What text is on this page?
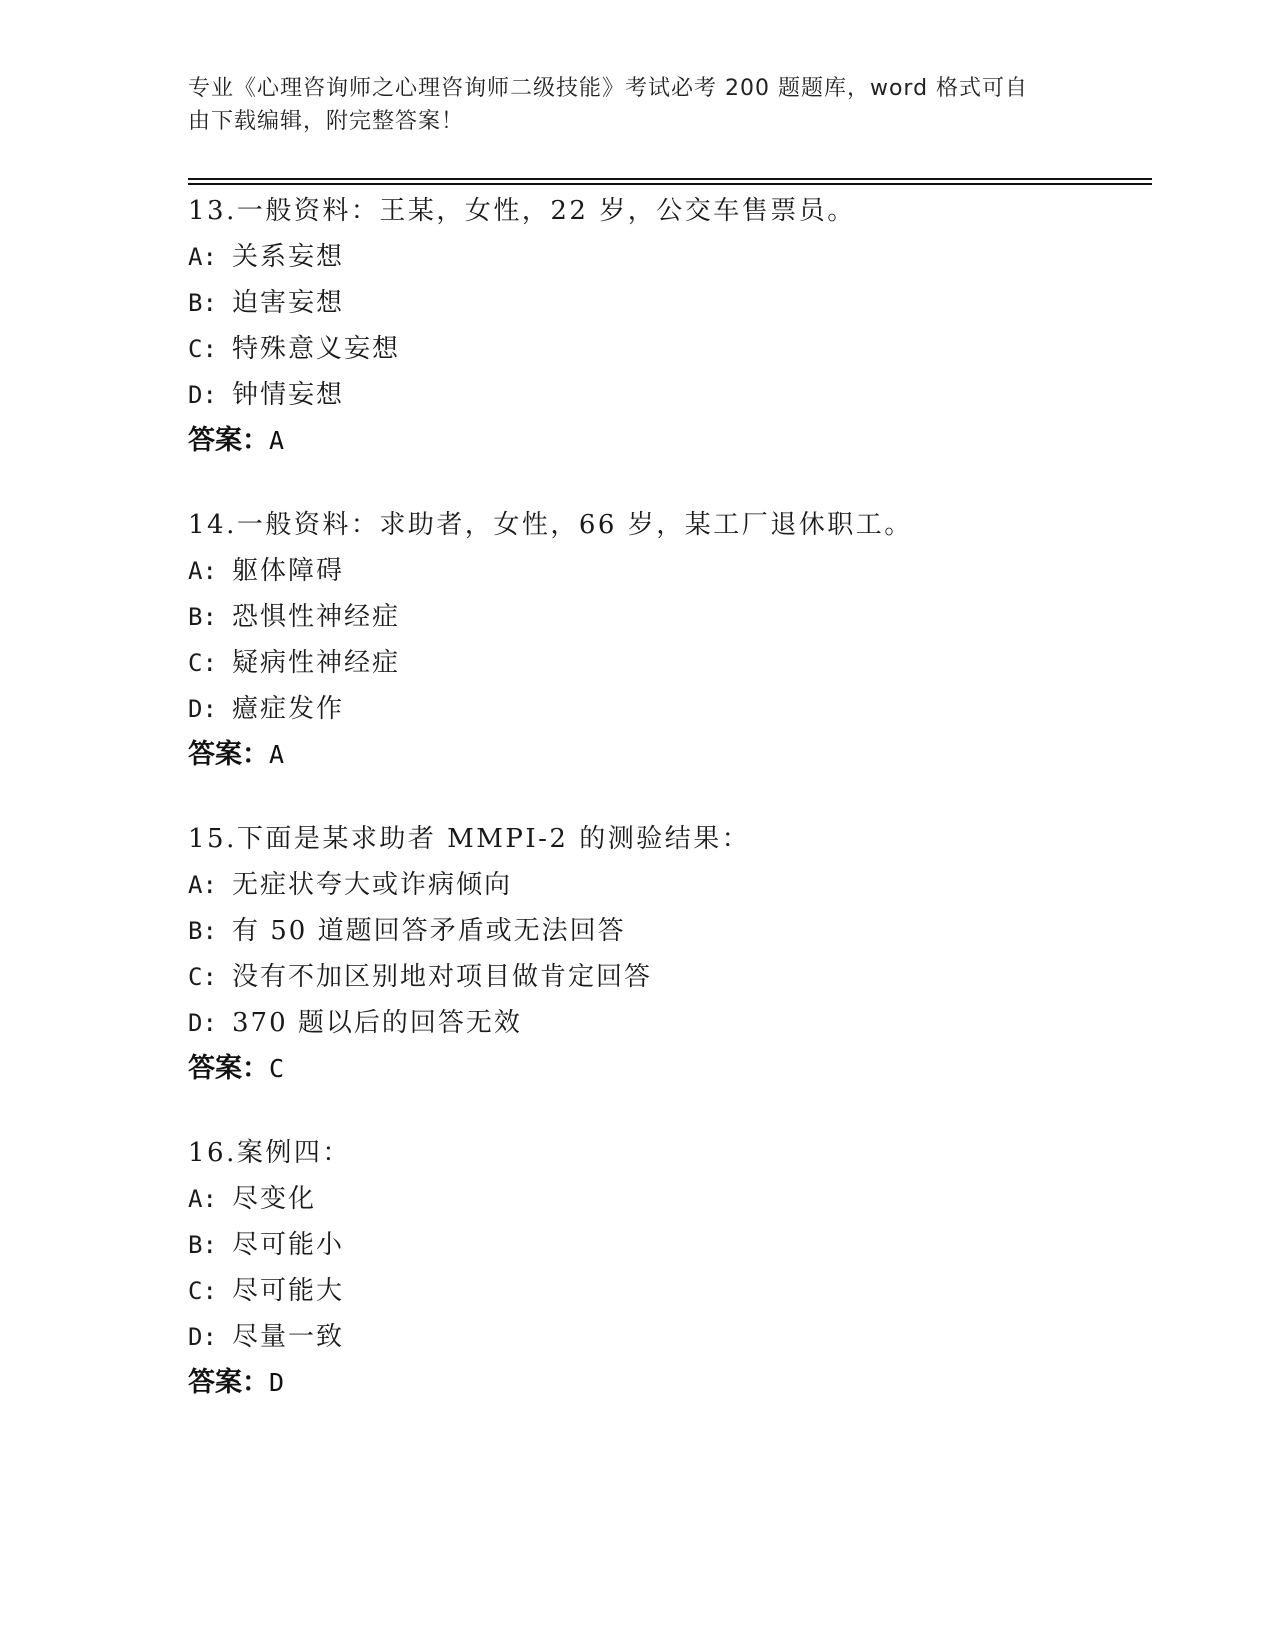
专业《心理咨询师之心理咨询师二级技能》考试必考 200 题题库，word 格式可自
由下载编辑，附完整答案！
13.一般资料：王某，女性，22 岁，公交车售票员。
A: 关系妄想
B: 迫害妄想
C: 特殊意义妄想
D: 钟情妄想
答案：A
14.一般资料：求助者，女性，66 岁，某工厂退休职工。
A: 躯体障碍
B: 恐惧性神经症
C: 疑病性神经症
D: 癔症发作
答案：A
15.下面是某求助者 MMPI-2 的测验结果：
A: 无症状夸大或诈病倾向
B: 有 50 道题回答矛盾或无法回答
C: 没有不加区别地对项目做肯定回答
D: 370 题以后的回答无效
答案：C
16.案例四：
A: 尽变化
B: 尽可能小
C: 尽可能大
D: 尽量一致
答案：D
